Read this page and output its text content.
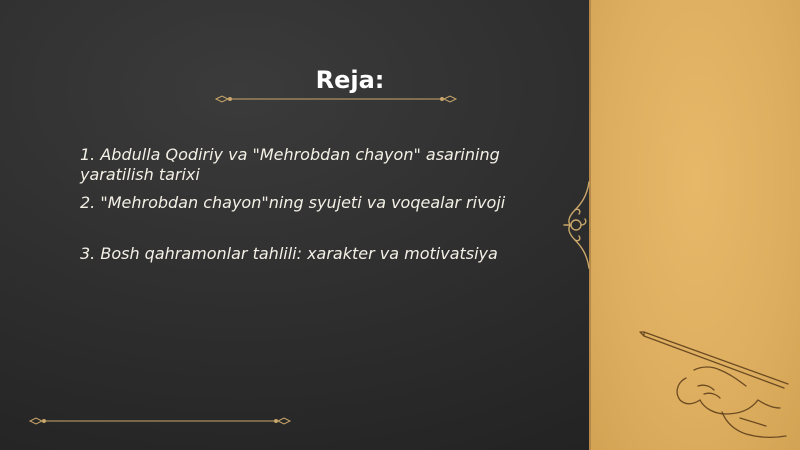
Reja:
1. Abdulla Qodiriy va "Mehrobdan chayon" asarining yaratilish tarixi
2. "Mehrobdan chayon"ning syujeti va voqealar rivoji
3. Bosh qahramonlar tahlili: xarakter va motivatsiya
